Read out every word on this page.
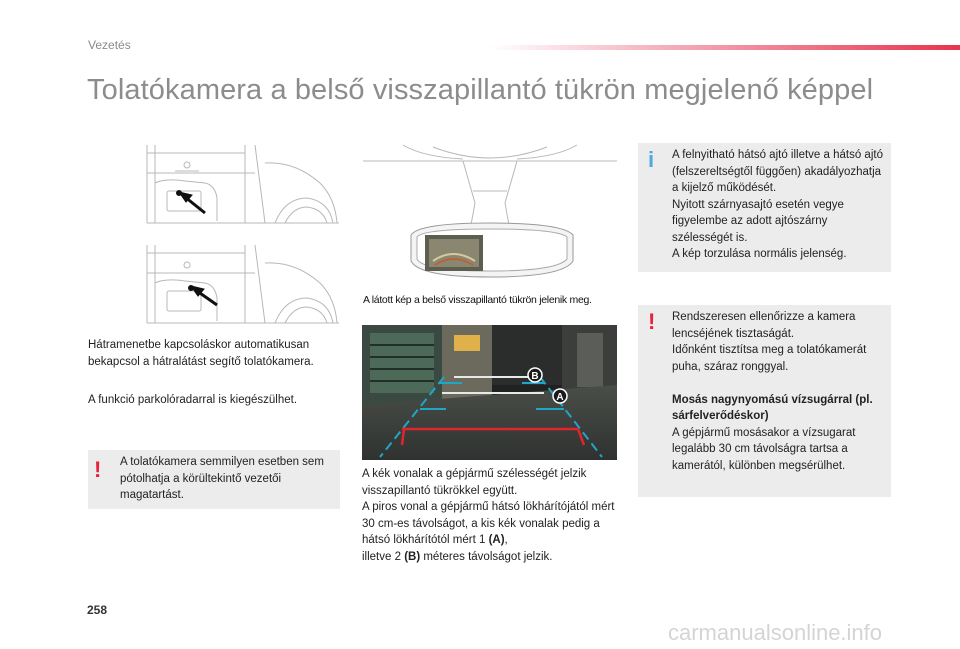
Vezetés
Tolatókamera a belső visszapillantó tükrön megjelenő képpel
A látott kép a belső visszapillantó tükrön jelenik meg.
Hátramenetbe kapcsoláskor automatikusan bekapcsol a hátralátást segítő tolatókamera.
A funkció parkolóradarral is kiegészülhet.
! A tolatókamera semmilyen esetben sem pótolhatja a körültekintő vezetői magatartást.
B
A
A kék vonalak a gépjármű szélességét jelzik visszapillantó tükrökkel együtt.
A piros vonal a gépjármű hátsó lökhárítójától mért 30 cm-es távolságot, a kis kék vonalak pedig a hátsó lökhárítótól mért 1 (A),
illetve 2 (B) méteres távolságot jelzik.
i A felnyitható hátsó ajtó illetve a hátsó ajtó (felszereltségtől függően) akadályozhatja a kijelző működését.
Nyitott szárnyasajtó esetén vegye figyelembe az adott ajtószárny szélességét is.
A kép torzulása normális jelenség.
! Rendszeresen ellenőrizze a kamera lencséjének tisztaságát.
Időnként tisztítsa meg a tolatókamerát puha, száraz ronggyal.

Mosás nagynyomású vízsugárral (pl. sárfelverődéskor)
A gépjármű mosásakor a vízsugarat legalább 30 cm távolságra tartsa a kamerától, különben megsérülhet.
258
carmanualsonline.info
